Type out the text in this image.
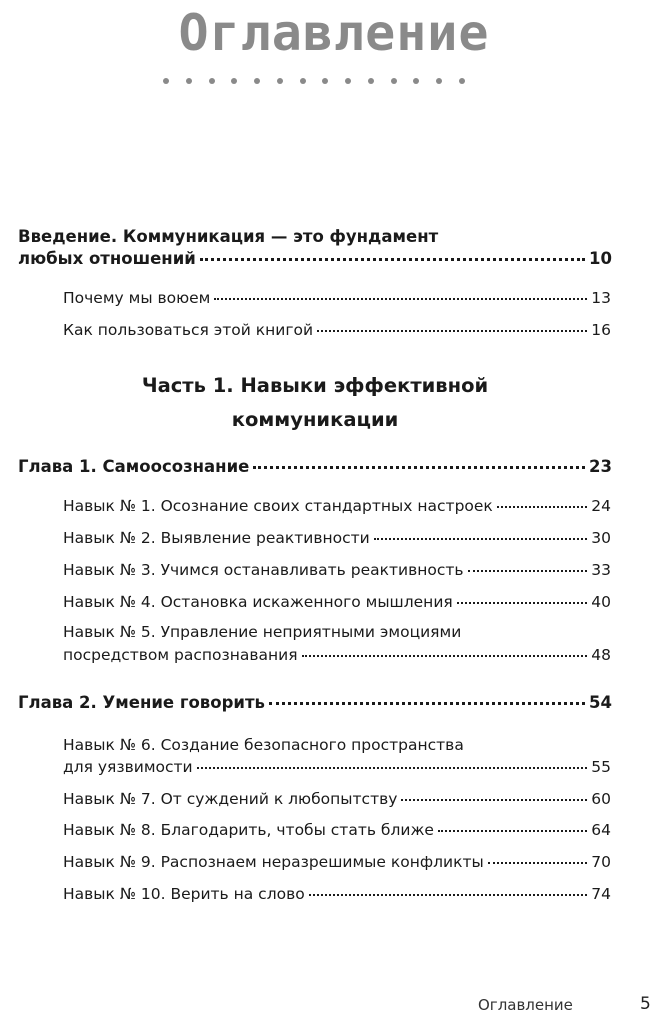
Оглавление
Введение. Коммуникация — это фундамент
любых отношений	10
Почему мы воюем	13
Как пользоваться этой книгой	16
Часть 1. Навыки эффективной
коммуникации
Глава 1. Самоосознание	23
Навык № 1. Осознание своих стандартных настроек	24
Навык № 2. Выявление реактивности	30
Навык № 3. Учимся останавливать реактивность	33
Навык № 4. Остановка искаженного мышления	40
Навык № 5. Управление неприятными эмоциями
посредством распознавания	48
Глава 2. Умение говорить	54
Навык № 6. Создание безопасного пространства
для уязвимости	55
Навык № 7. От суждений к любопытству	60
Навык № 8. Благодарить, чтобы стать ближе	64
Навык № 9. Распознаем неразрешимые конфликты	70
Навык № 10. Верить на слово	74
Оглавление	5
